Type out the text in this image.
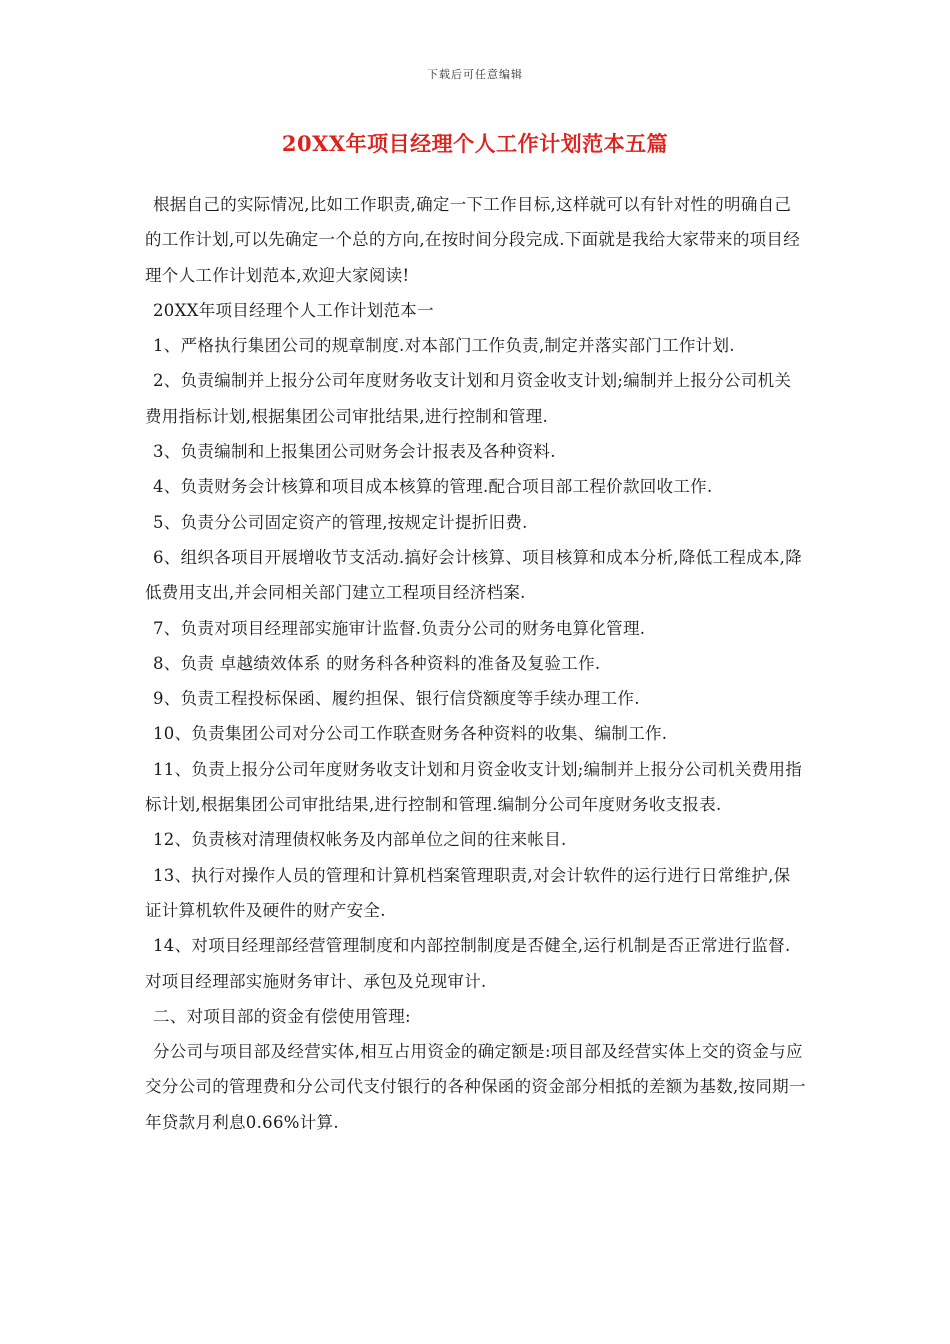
下载后可任意编辑
20XX年项目经理个人工作计划范本五篇

根据自己的实际情况,比如工作职责,确定一下工作目标,这样就可以有针对性的明确自己的工作计划,可以先确定一个总的方向,在按时间分段完成.下面就是我给大家带来的项目经理个人工作计划范本,欢迎大家阅读!

20XX年项目经理个人工作计划范本一

1、严格执行集团公司的规章制度.对本部门工作负责,制定并落实部门工作计划.

2、负责编制并上报分公司年度财务收支计划和月资金收支计划;编制并上报分公司机关费用指标计划,根据集团公司审批结果,进行控制和管理.

3、负责编制和上报集团公司财务会计报表及各种资料.

4、负责财务会计核算和项目成本核算的管理.配合项目部工程价款回收工作.

5、负责分公司固定资产的管理,按规定计提折旧费.

6、组织各项目开展增收节支活动.搞好会计核算、项目核算和成本分析,降低工程成本,降低费用支出,并会同相关部门建立工程项目经济档案.

7、负责对项目经理部实施审计监督.负责分公司的财务电算化管理.

8、负责 卓越绩效体系 的财务科各种资料的准备及复验工作.

9、负责工程投标保函、履约担保、银行信贷额度等手续办理工作.

10、负责集团公司对分公司工作联查财务各种资料的收集、编制工作.

11、负责上报分公司年度财务收支计划和月资金收支计划;编制并上报分公司机关费用指标计划,根据集团公司审批结果,进行控制和管理.编制分公司年度财务收支报表.

12、负责核对清理债权帐务及内部单位之间的往来帐目.

13、执行对操作人员的管理和计算机档案管理职责,对会计软件的运行进行日常维护,保证计算机软件及硬件的财产安全.

14、对项目经理部经营管理制度和内部控制制度是否健全,运行机制是否正常进行监督.对项目经理部实施财务审计、承包及兑现审计.

二、对项目部的资金有偿使用管理:

分公司与项目部及经营实体,相互占用资金的确定额是:项目部及经营实体上交的资金与应交分公司的管理费和分公司代支付银行的各种保函的资金部分相抵的差额为基数,按同期一年贷款月利息0.66%计算.
